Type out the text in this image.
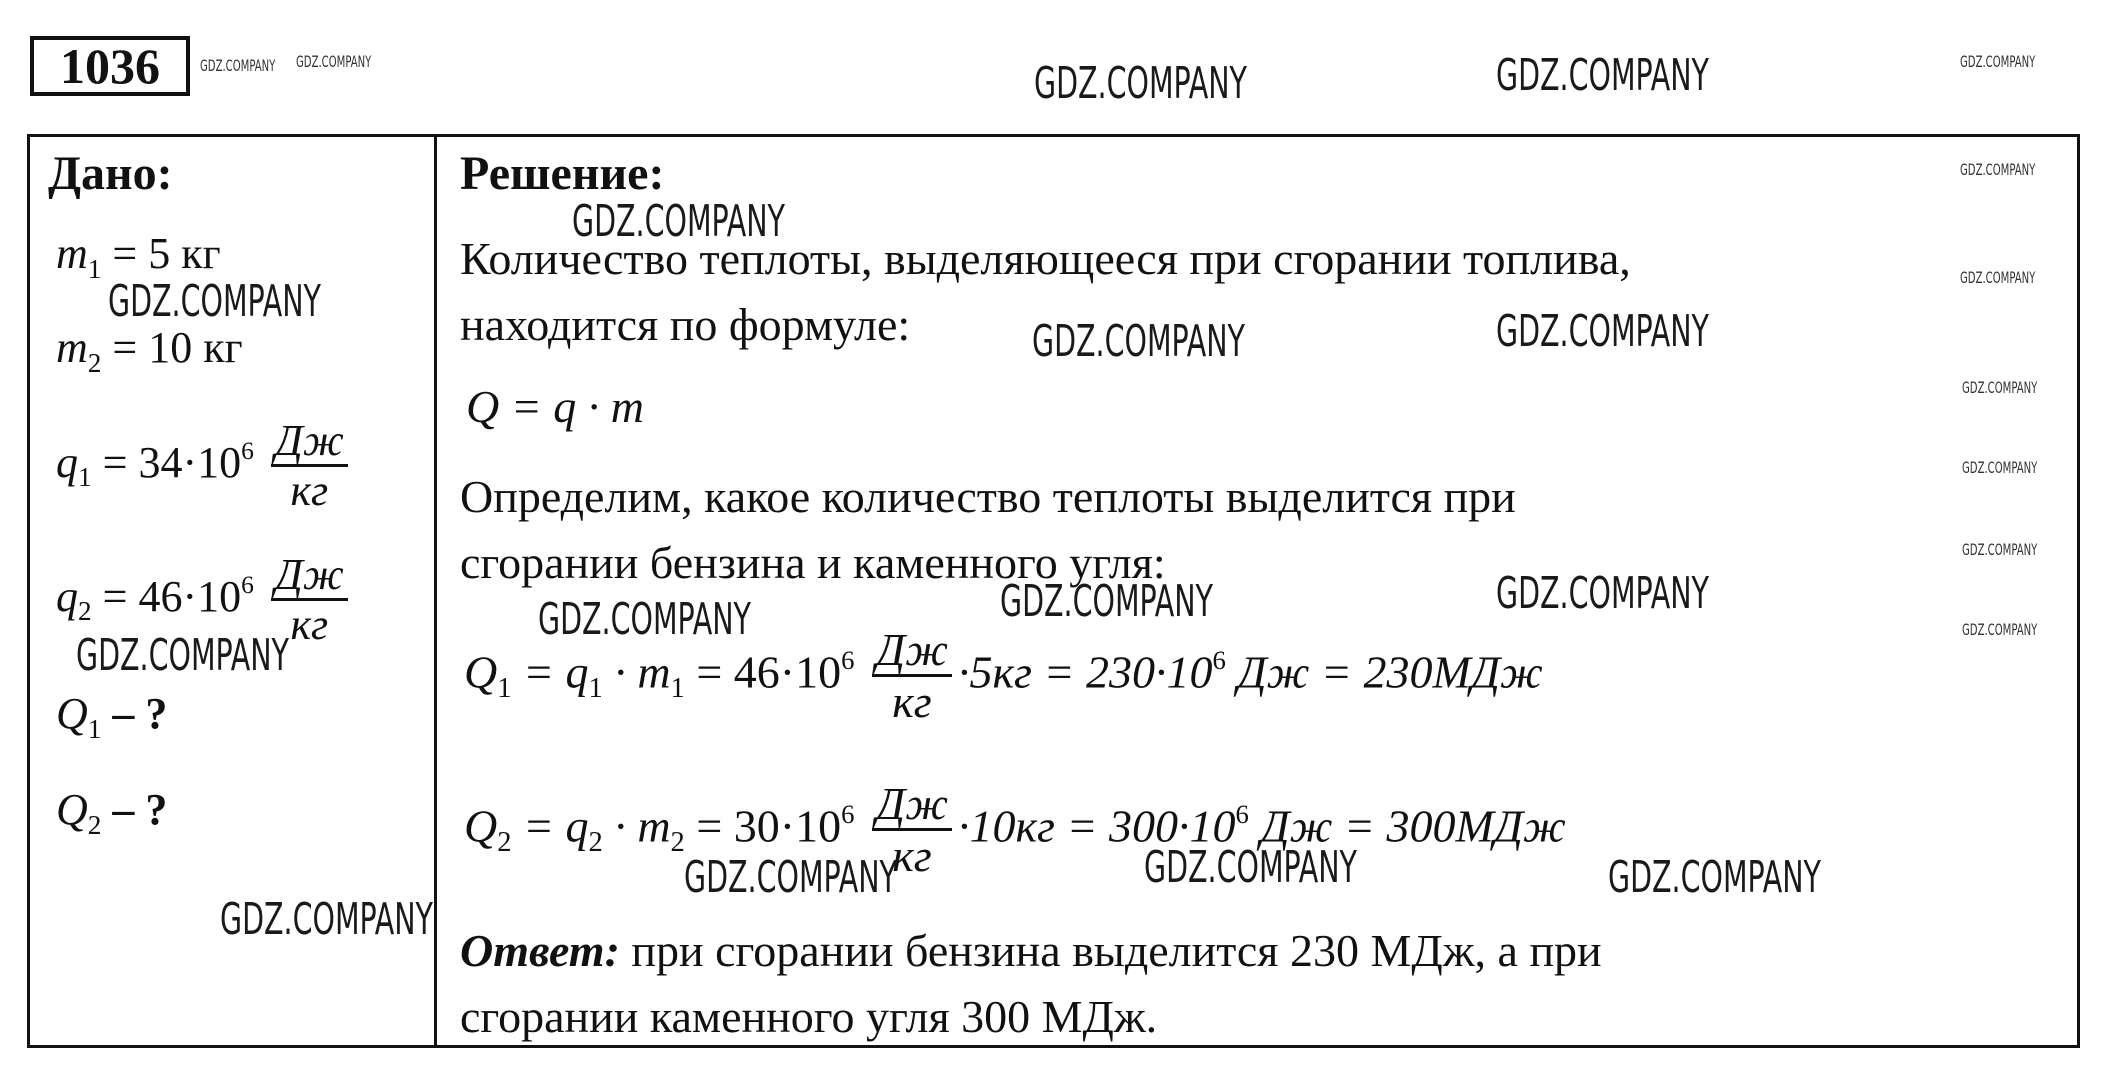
1036
Дано:
$m_1 = 5$ кг
$m_2 = 10$ кг
$q_1 = 34\cdot 10^6 \frac{Дж}{кг}$
$q_2 = 46\cdot 10^6 \frac{Дж}{кг}$
$Q_1$ – ?
$Q_2$ – ?
Решение:
Количество теплоты, выделяющееся при сгорании топлива,
находится по формуле:
Q = q · m
Определим, какое количество теплоты выделится при
сгорании бензина и каменного угля:
$Q_1 = q_1 \cdot m_1 = 46\cdot 10^6 \frac{Дж}{кг} \cdot 5кг = 230\cdot 10^6$ Дж = 230МДж
$Q_2 = q_2 \cdot m_2 = 30\cdot 10^6 \frac{Дж}{кг} \cdot 10кг = 300\cdot 10^6$ Дж = 300МДж
Ответ: при сгорании бензина выделится 230 МДж, а при
сгорании каменного угля 300 МДж.
GDZ.COMPANY GDZ.COMPANY	GDZ.COMPANY	GDZ.COMPANY	GDZ.COMPANY
GDZ.COMPANY
GDZ.COMPANY
GDZ.COMPANY
GDZ.COMPANY
GDZ.COMPANY
GDZ.COMPANY
GDZ.COMPANY
GDZ.COMPANY
GDZ.COMPANY	GDZ.COMPANY
GDZ.COMPANY	GDZ.COMPANY	GDZ.COMPANY
GDZ.COMPANY
GDZ.COMPANY	GDZ.COMPANY	GDZ.COMPANY
GDZ.COMPANY
